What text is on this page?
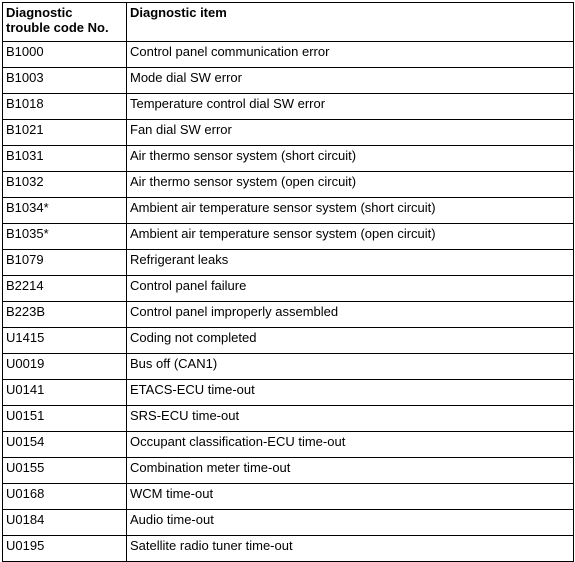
Diagnostic
trouble code No.	Diagnostic item
B1000	Control panel communication error
B1003	Mode dial SW error
B1018	Temperature control dial SW error
B1021	Fan dial SW error
B1031	Air thermo sensor system (short circuit)
B1032	Air thermo sensor system (open circuit)
B1034*	Ambient air temperature sensor system (short circuit)
B1035*	Ambient air temperature sensor system (open circuit)
B1079	Refrigerant leaks
B2214	Control panel failure
B223B	Control panel improperly assembled
U1415	Coding not completed
U0019	Bus off (CAN1)
U0141	ETACS-ECU time-out
U0151	SRS-ECU time-out
U0154	Occupant classification-ECU time-out
U0155	Combination meter time-out
U0168	WCM time-out
U0184	Audio time-out
U0195	Satellite radio tuner time-out
